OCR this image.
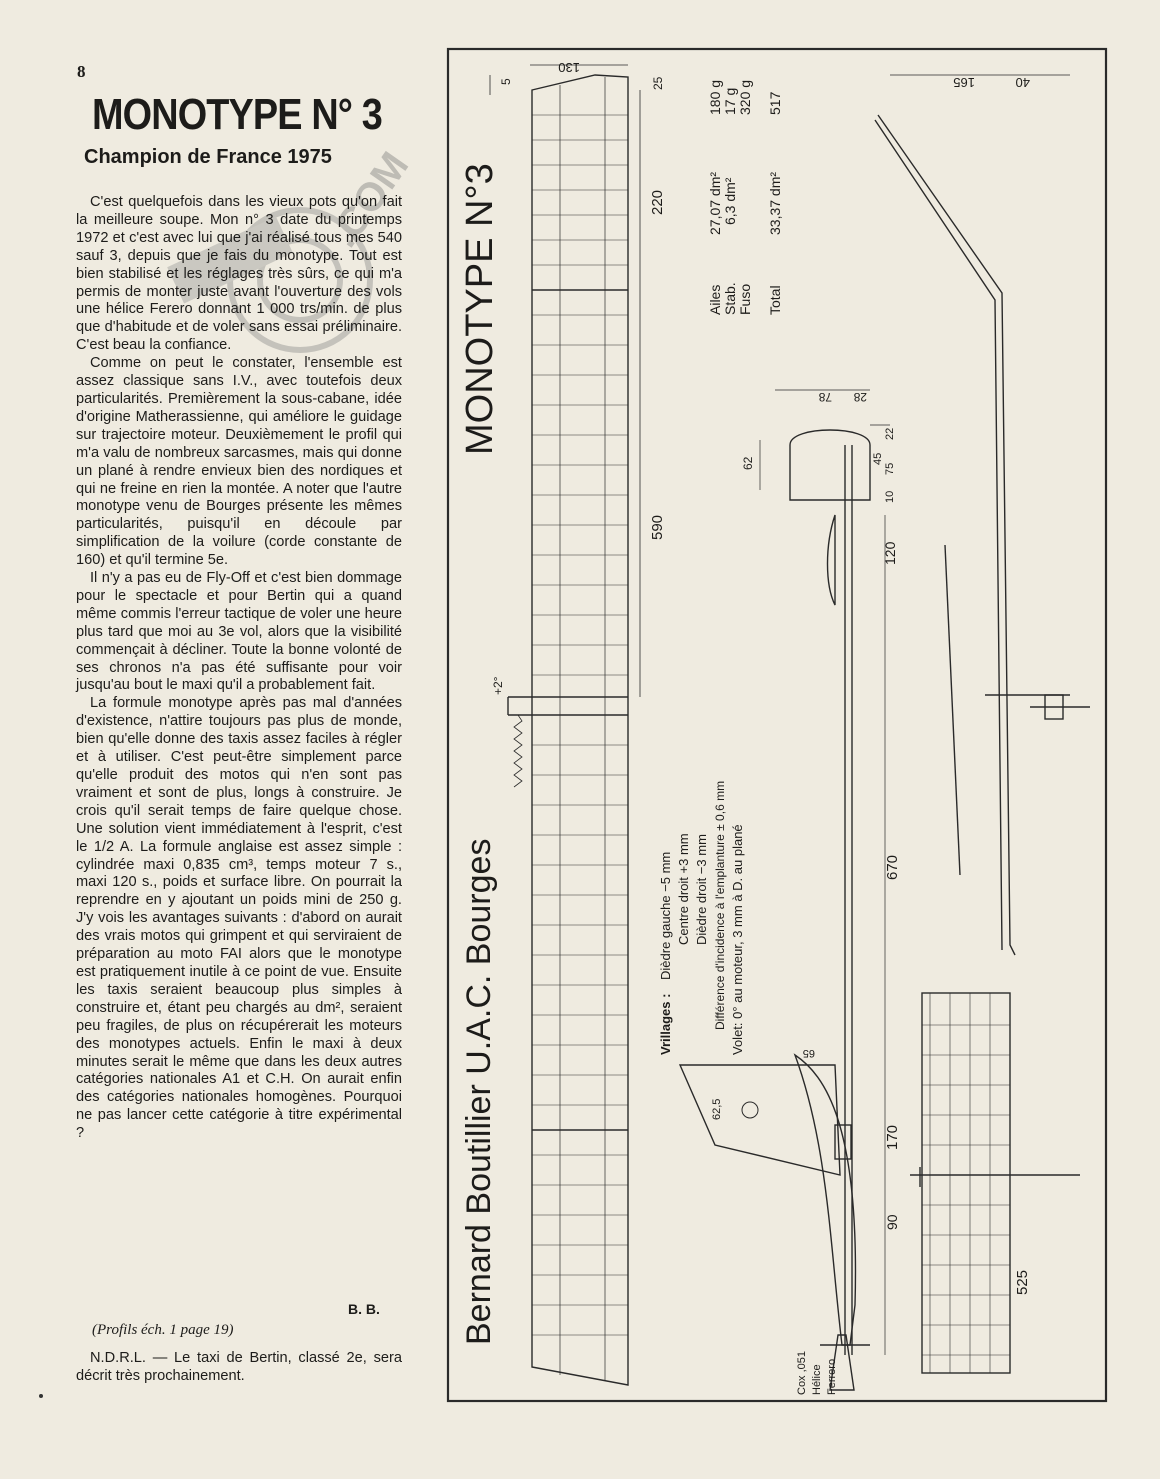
8
MONOTYPE N° 3
Champion de France 1975
.COM

C'est quelquefois dans les vieux pots qu'on fait la meilleure soupe. Mon n° 3 date du printemps 1972 et c'est avec lui que j'ai réalisé tous mes 540 sauf 3, depuis que je fais du monotype. Tout est bien stabilisé et les réglages très sûrs, ce qui m'a permis de monter juste avant l'ouverture des vols une hélice Ferero donnant 1 000 trs/min. de plus que d'habitude et de voler sans essai préliminaire. C'est beau la confiance.

Comme on peut le constater, l'ensemble est assez classique sans I.V., avec toutefois deux particularités. Premièrement la sous-cabane, idée d'origine Matherassienne, qui améliore le guidage sur trajectoire moteur. Deuxièmement le profil qui m'a valu de nombreux sarcasmes, mais qui donne un plané à rendre envieux bien des nordiques et qui ne freine en rien la montée. A noter que l'autre monotype venu de Bourges présente les mêmes particularités, puisqu'il en découle par simplification de la voilure (corde constante de 160) et qu'il termine 5e.

Il n'y a pas eu de Fly-Off et c'est bien dommage pour le spectacle et pour Bertin qui a quand même commis l'erreur tactique de voler une heure plus tard que moi au 3e vol, alors que la visibilité commençait à décliner. Toute la bonne volonté de ses chronos n'a pas été suffisante pour voir jusqu'au bout le maxi qu'il a probablement fait.

La formule monotype après pas mal d'années d'existence, n'attire toujours pas plus de monde, bien qu'elle donne des taxis assez faciles à régler et à utiliser. C'est peut-être simplement parce qu'elle produit des motos qui n'en sont pas vraiment et sont de plus, longs à construire. Je crois qu'il serait temps de faire quelque chose. Une solution vient immédiatement à l'esprit, c'est le 1/2 A. La formule anglaise est assez simple : cylindrée maxi 0,835 cm³, temps moteur 7 s., maxi 120 s., poids et surface libre. On pourrait la reprendre en y ajoutant un poids mini de 250 g. J'y vois les avantages suivants : d'abord on aurait des vrais motos qui grimpent et qui serviraient de préparation au moto FAI alors que le monotype est pratiquement inutile à ce point de vue. Ensuite les taxis seraient beaucoup plus simples à construire et, étant peu chargés au dm², seraient peu fragiles, de plus on récupérerait les moteurs des monotypes actuels. Enfin le maxi à deux minutes serait le même que dans les deux autres catégories nationales A1 et C.H. On aurait enfin des catégories nationales homogènes. Pourquoi ne pas lancer cette catégorie à titre expérimental ?

B. B.
(Profils éch. 1 page 19)

N.D.R.L. — Le taxi de Bertin, classé 2e, sera décrit très prochainement.

MONOTYPE N°3
Bernard Boutillier U.A.C. Bourges
130
25
5
220
590
+2°
165	40
78 28
62
22
45
75
10
120
670
170
90
525
65
62,5
Ailes Stab. Fuso
27,07 dm² 6,3 dm²
180 g 17 g 320 g
Total
33,37 dm²
517
Vrillages :
Dièdre gauche −5 mm Centre droit +3 mm Dièdre droit −3 mm Différence d'incidence à l'emplanture ± 0,6 mm Volet: 0° au moteur, 3 mm à D. au plané
Cox ,051 Hélice Ferrero
